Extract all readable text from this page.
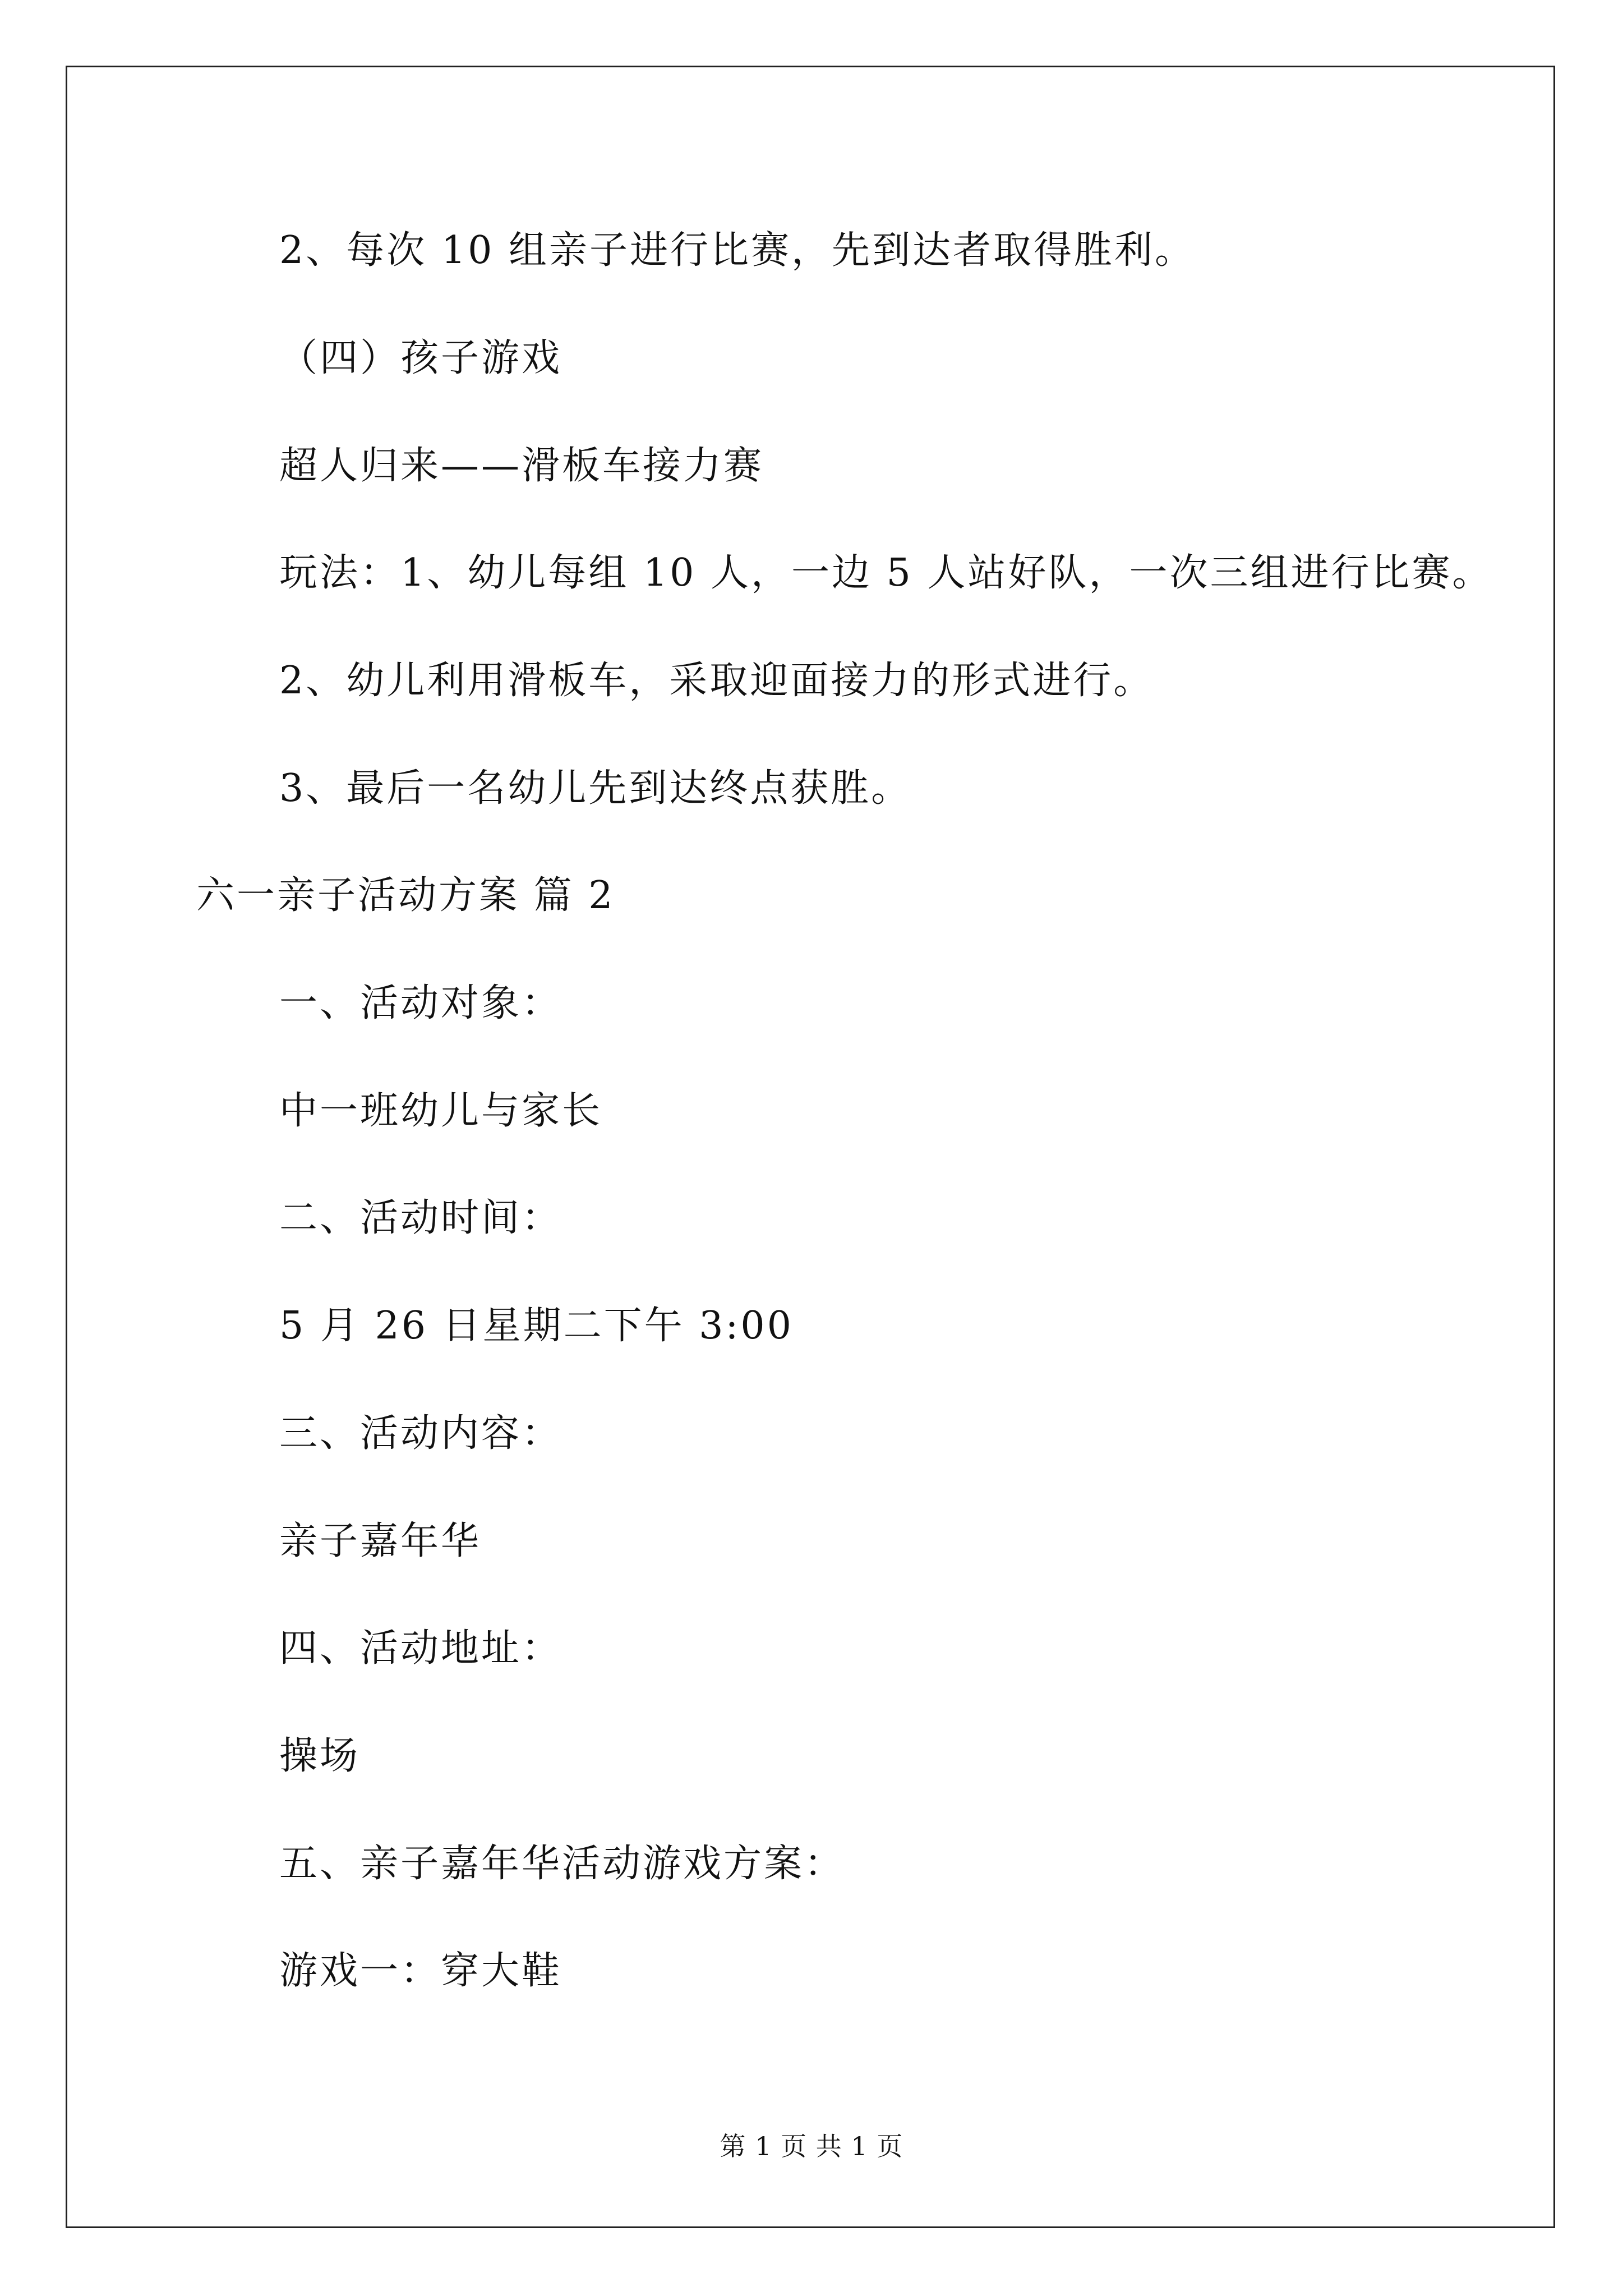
2、每次 10 组亲子进行比赛，先到达者取得胜利。
（四）孩子游戏
超人归来——滑板车接力赛
玩法：1、幼儿每组 10 人，一边 5 人站好队，一次三组进行比赛。
2、幼儿利用滑板车，采取迎面接力的形式进行。
3、最后一名幼儿先到达终点获胜。
六一亲子活动方案 篇 2
一、活动对象：
中一班幼儿与家长
二、活动时间：
5 月 26 日星期二下午 3:00
三、活动内容：
亲子嘉年华
四、活动地址：
操场
五、亲子嘉年华活动游戏方案：
游戏一：穿大鞋
第 1 页 共 1 页
